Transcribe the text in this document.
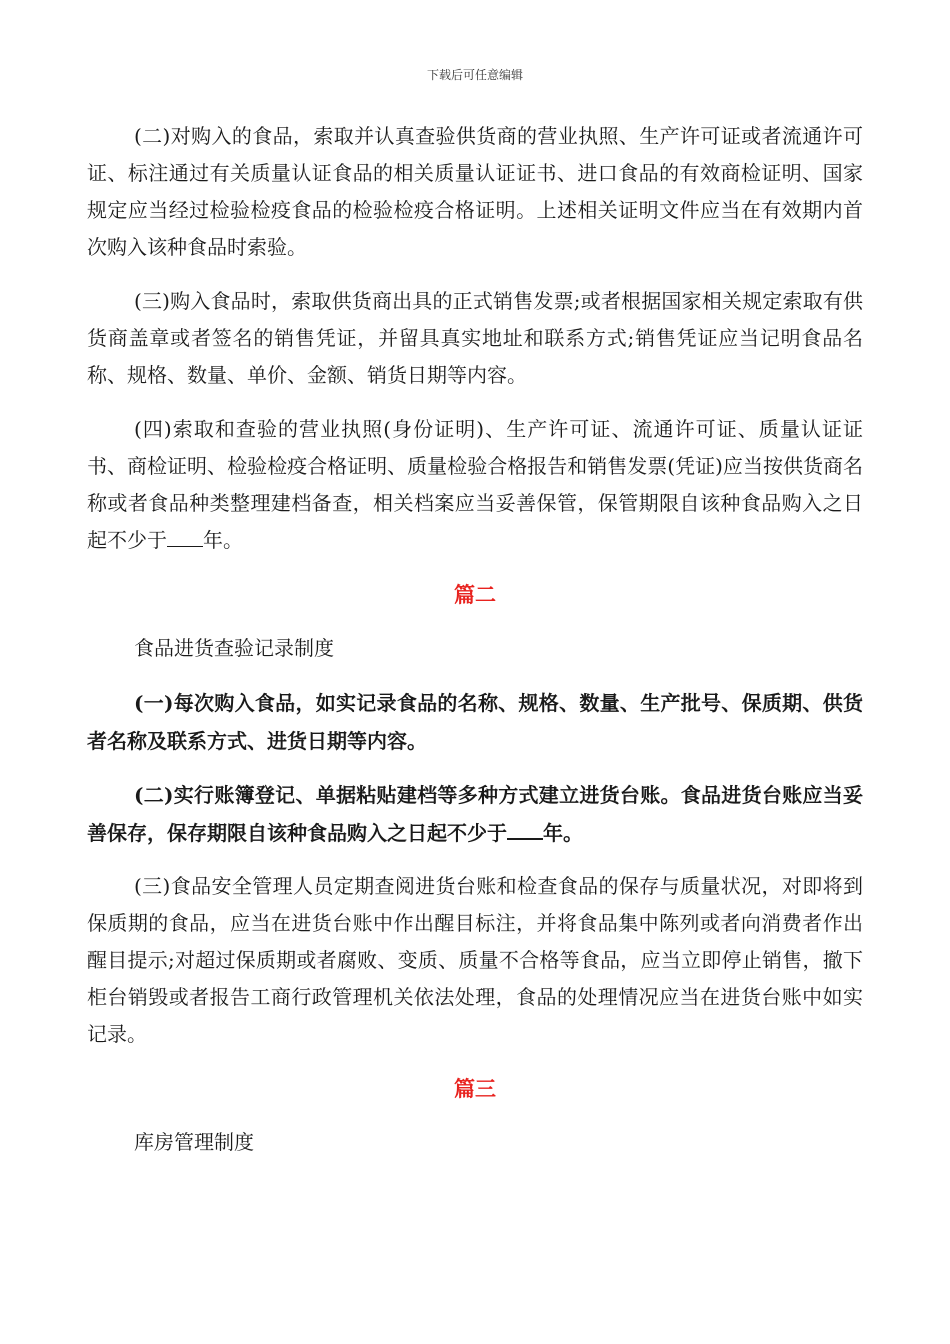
下载后可任意编辑

(二)对购入的食品，索取并认真查验供货商的营业执照、生产许可证或者流通许可证、标注通过有关质量认证食品的相关质量认证证书、进口食品的有效商检证明、国家规定应当经过检验检疫食品的检验检疫合格证明。上述相关证明文件应当在有效期内首次购入该种食品时索验。

(三)购入食品时，索取供货商出具的正式销售发票;或者根据国家相关规定索取有供货商盖章或者签名的销售凭证，并留具真实地址和联系方式;销售凭证应当记明食品名称、规格、数量、单价、金额、销货日期等内容。

(四)索取和查验的营业执照(身份证明)、生产许可证、流通许可证、质量认证证书、商检证明、检验检疫合格证明、质量检验合格报告和销售发票(凭证)应当按供货商名称或者食品种类整理建档备查，相关档案应当妥善保管，保管期限自该种食品购入之日起不少于 年。

篇二

食品进货查验记录制度

(一)每次购入食品，如实记录食品的名称、规格、数量、生产批号、保质期、供货者名称及联系方式、进货日期等内容。

(二)实行账簿登记、单据粘贴建档等多种方式建立进货台账。食品进货台账应当妥善保存，保存期限自该种食品购入之日起不少于 年。

(三)食品安全管理人员定期查阅进货台账和检查食品的保存与质量状况，对即将到保质期的食品，应当在进货台账中作出醒目标注，并将食品集中陈列或者向消费者作出醒目提示;对超过保质期或者腐败、变质、质量不合格等食品，应当立即停止销售，撤下柜台销毁或者报告工商行政管理机关依法处理，食品的处理情况应当在进货台账中如实记录。

篇三

库房管理制度
